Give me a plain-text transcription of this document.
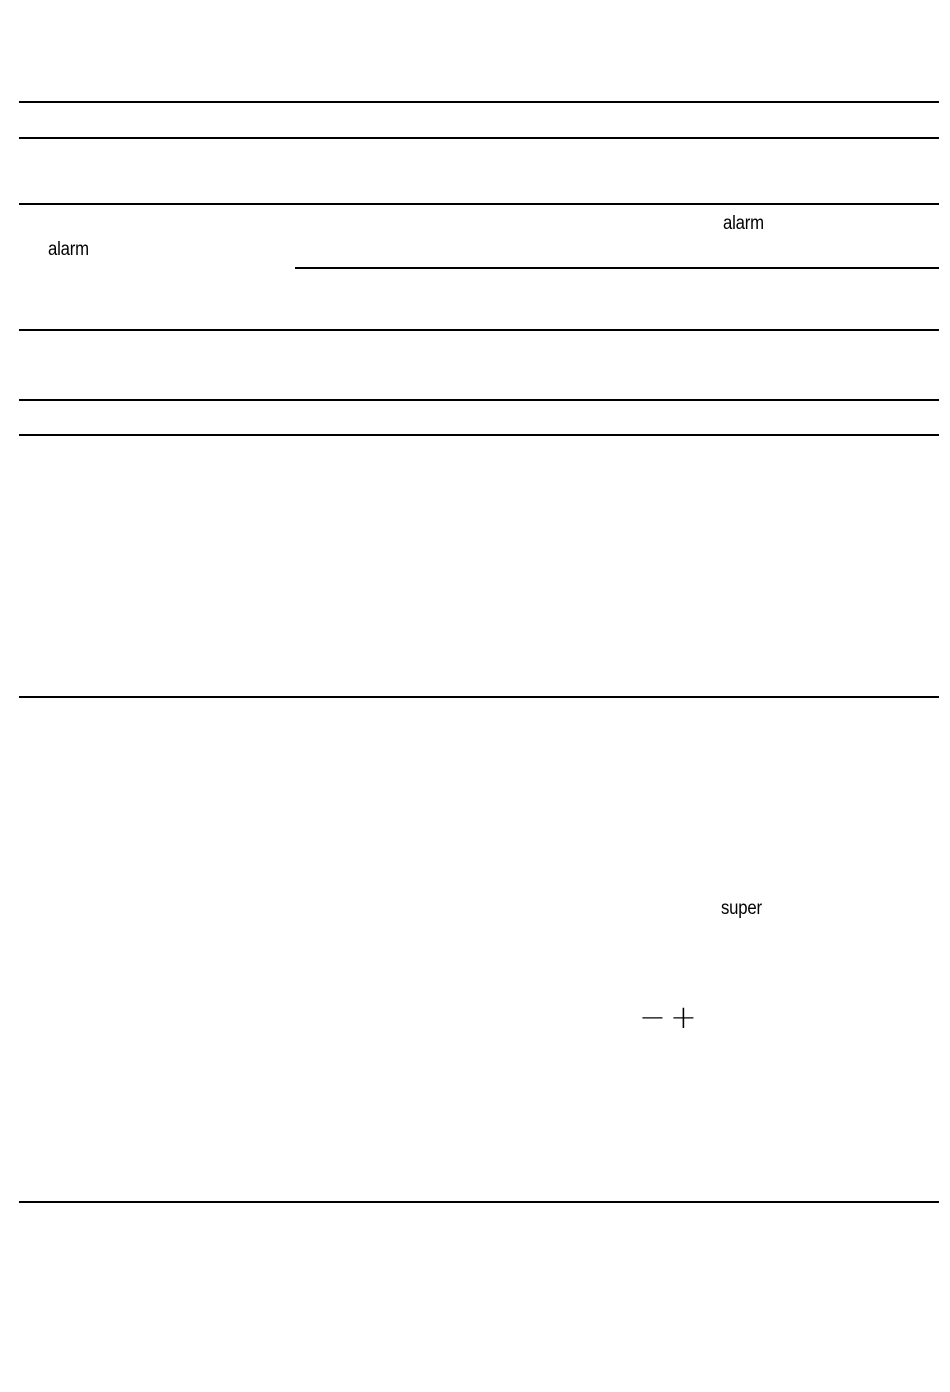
alarm
alarm
super
− +
